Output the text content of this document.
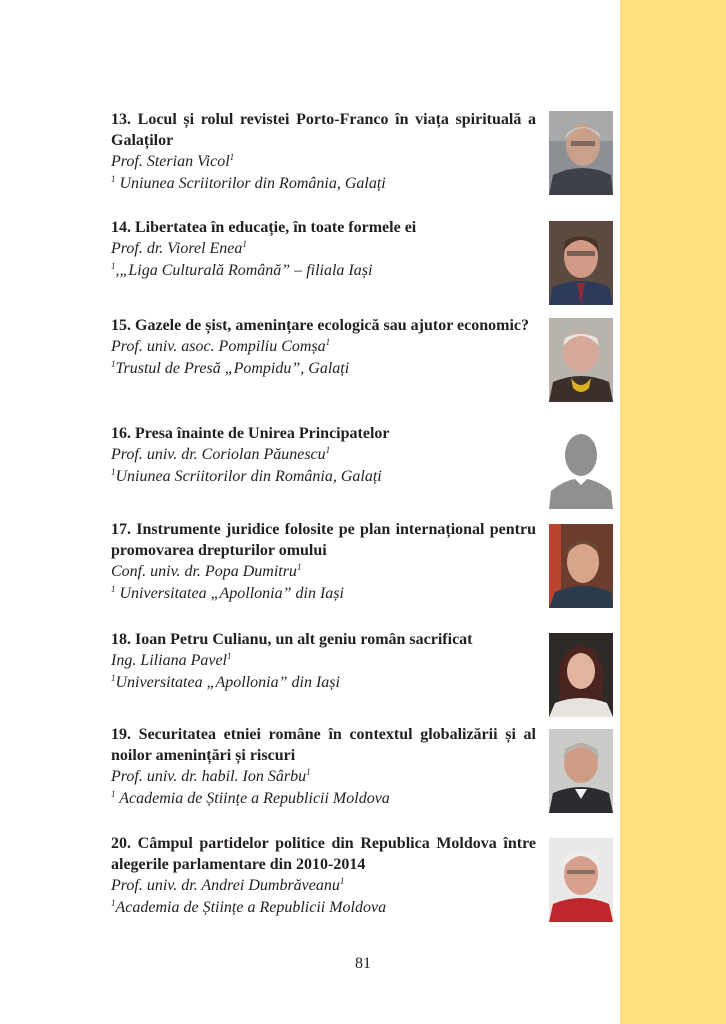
13. Locul și rolul revistei Porto-Franco în viața spirituală a Galaților

Prof. Sterian Vicol$^1$

$^1$ Uniunea Scriitorilor din România, Galați

14. Libertatea în educație, în toate formele ei

Prof. dr. Viorel Enea$^1$

$^1$,„Liga Culturală Română” – filiala Iași

15. Gazele de șist, amenințare ecologică sau ajutor economic?

Prof. univ. asoc. Pompiliu Comșa$^1$

$^1$Trustul de Presă „Pompidu”, Galați

16. Presa înainte de Unirea Principatelor

Prof. univ. dr. Coriolan Păunescu$^1$

$^1$Uniunea Scriitorilor din România, Galați

17. Instrumente juridice folosite pe plan internațional pentru promovarea drepturilor omului

Conf. univ. dr. Popa Dumitru$^1$

$^1$ Universitatea „Apollonia” din Iași

18. Ioan Petru Culianu, un alt geniu român sacrificat

Ing. Liliana Pavel$^1$

$^1$Universitatea „Apollonia” din Iași

19. Securitatea etniei române în contextul globalizării și al noilor amenințări și riscuri

Prof. univ. dr. habil. Ion Sârbu$^1$

$^1$ Academia de Științe a Republicii Moldova

20. Câmpul partidelor politice din Republica Moldova între alegerile parlamentare din 2010-2014

Prof. univ. dr. Andrei Dumbrăveanu$^1$

$^1$Academia de Științe a Republicii Moldova

81
